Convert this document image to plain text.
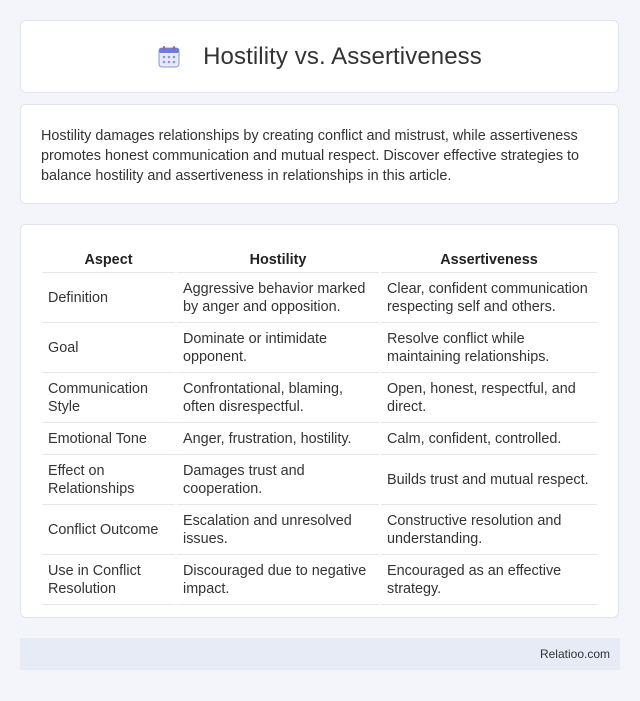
Hostility vs. Assertiveness

Hostility damages relationships by creating conflict and mistrust, while assertiveness promotes honest communication and mutual respect. Discover effective strategies to balance hostility and assertiveness in relationships in this article.

Aspect	Hostility	Assertiveness
Definition	Aggressive behavior marked by anger and opposition.	Clear, confident communication respecting self and others.
Goal	Dominate or intimidate opponent.	Resolve conflict while maintaining relationships.
Communication Style	Confrontational, blaming, often disrespectful.	Open, honest, respectful, and direct.
Emotional Tone	Anger, frustration, hostility.	Calm, confident, controlled.
Effect on Relationships	Damages trust and cooperation.	Builds trust and mutual respect.
Conflict Outcome	Escalation and unresolved issues.	Constructive resolution and understanding.
Use in Conflict Resolution	Discouraged due to negative impact.	Encouraged as an effective strategy.
Relatioo.com
